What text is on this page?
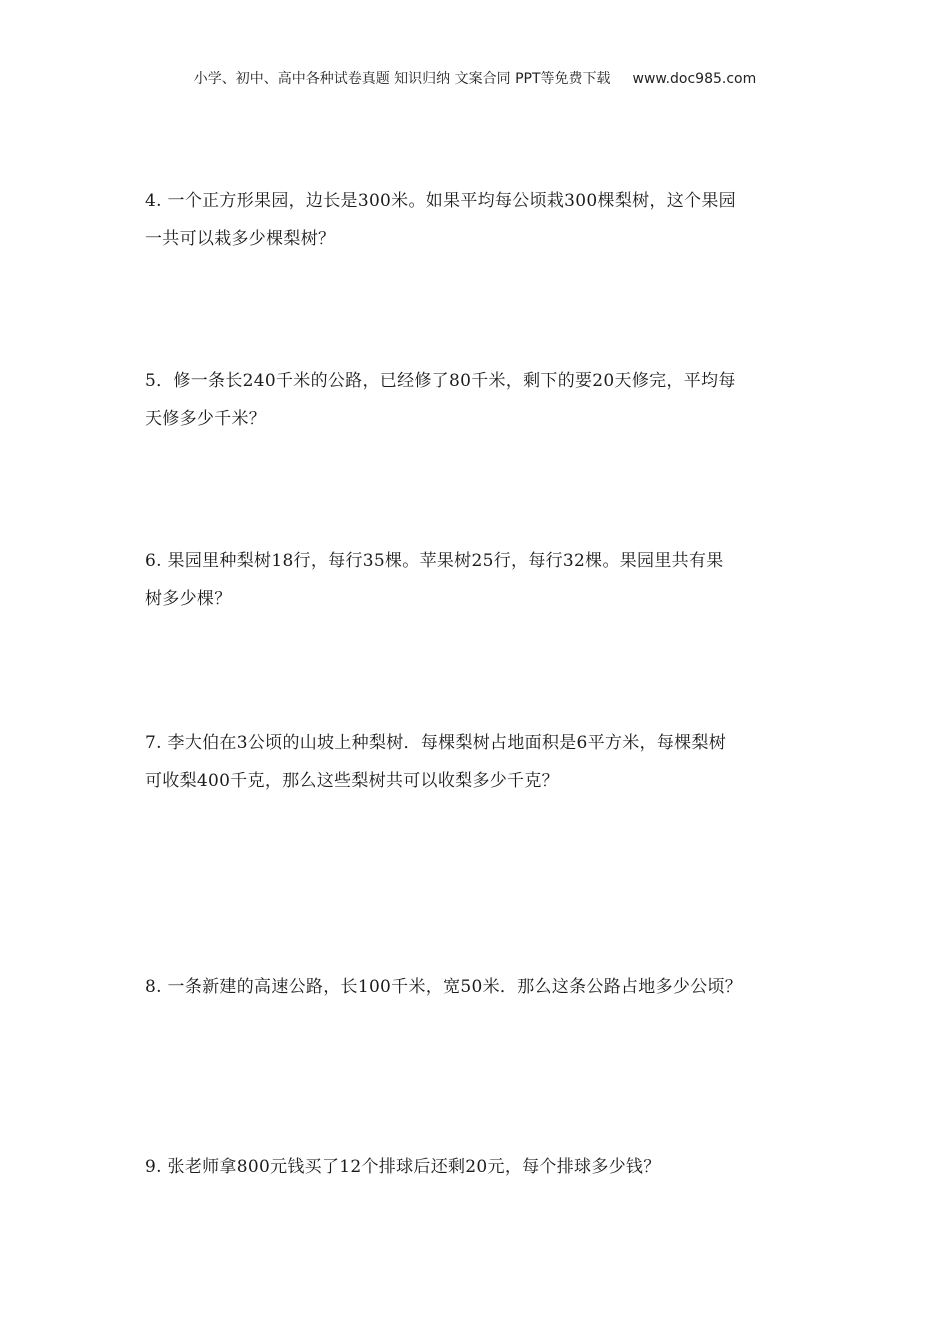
小学、初中、高中各种试卷真题 知识归纳 文案合同 PPT等免费下载 www.doc985.com
4. 一个正方形果园，边长是300米。如果平均每公顷栽300棵梨树，这个果园
一共可以栽多少棵梨树？
5．修一条长240千米的公路，已经修了80千米，剩下的要20天修完，平均每
天修多少千米？
6. 果园里种梨树18行，每行35棵。苹果树25行，每行32棵。果园里共有果
树多少棵？
7. 李大伯在3公顷的山坡上种梨树．每棵梨树占地面积是6平方米，每棵梨树
可收梨400千克，那么这些梨树共可以收梨多少千克？
8. 一条新建的高速公路，长100千米，宽50米．那么这条公路占地多少公顷？
9. 张老师拿800元钱买了12个排球后还剩20元，每个排球多少钱？
